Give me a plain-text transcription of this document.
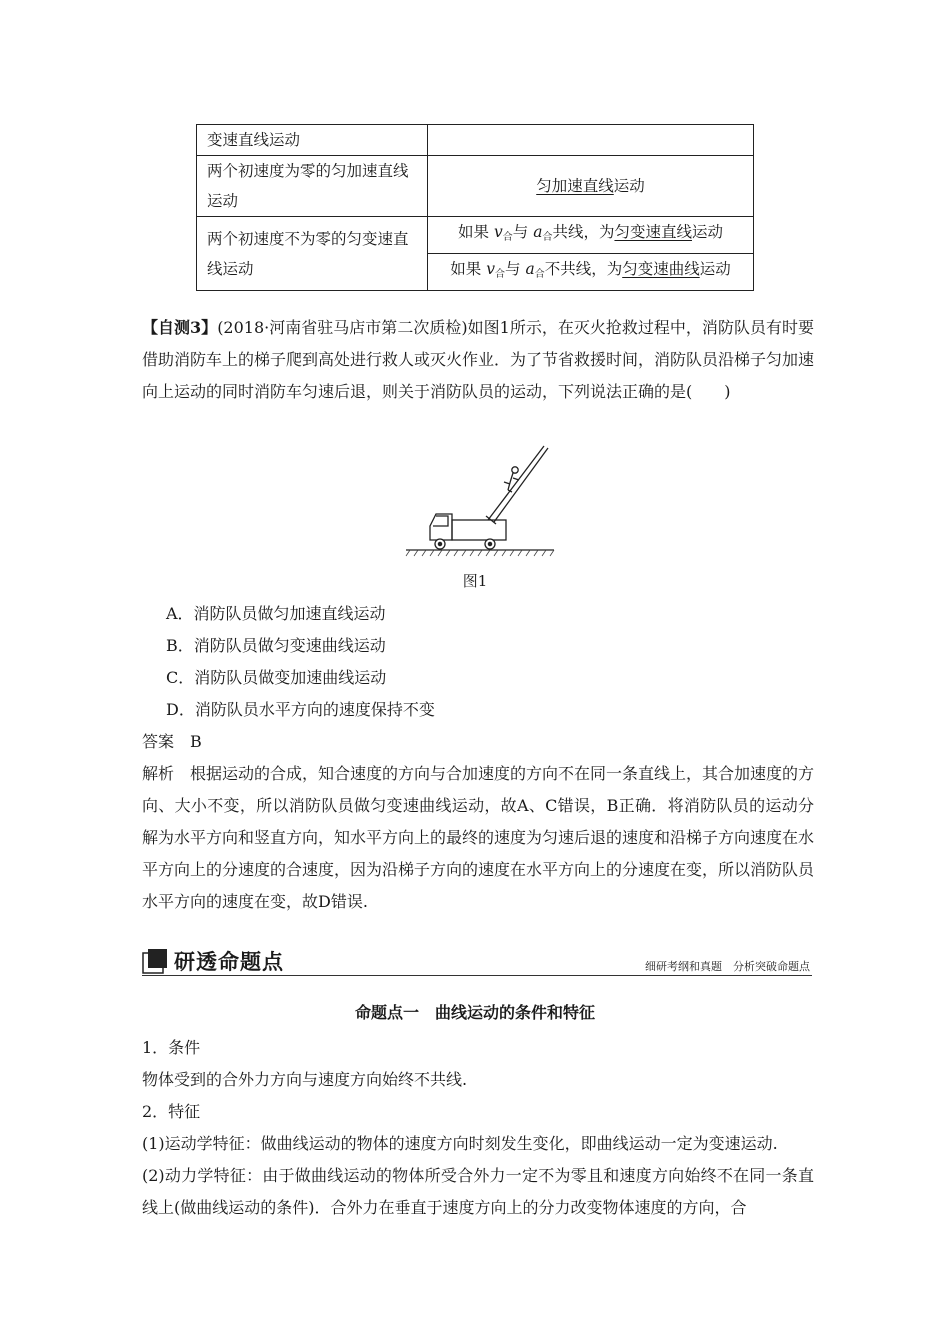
变速直线运动	
两个初速度为零的匀加速直线运动	匀加速直线运动
两个初速度不为零的匀变速直线运动	如果 $v_合$与 $a_合$共线，为匀变速直线运动
	如果 $v_合$与 $a_合$不共线，为匀变速曲线运动
【自测3】(2018·河南省驻马店市第二次质检)如图1所示，在灭火抢救过程中，消防队员有时要借助消防车上的梯子爬到高处进行救人或灭火作业．为了节省救援时间，消防队员沿梯子匀加速向上运动的同时消防车匀速后退，则关于消防队员的运动，下列说法正确的是(　　)
图1
A．消防队员做匀加速直线运动
B．消防队员做匀变速曲线运动
C．消防队员做变加速曲线运动
D．消防队员水平方向的速度保持不变
答案　B
解析　根据运动的合成，知合速度的方向与合加速度的方向不在同一条直线上，其合加速度的方向、大小不变，所以消防队员做匀变速曲线运动，故A、C错误，B正确．将消防队员的运动分解为水平方向和竖直方向，知水平方向上的最终的速度为匀速后退的速度和沿梯子方向速度在水平方向上的分速度的合速度，因为沿梯子方向的速度在水平方向上的分速度在变，所以消防队员水平方向的速度在变，故D错误.
研透命题点	细研考纲和真题　分析突破命题点
命题点一　曲线运动的条件和特征
1．条件
物体受到的合外力方向与速度方向始终不共线.
2．特征
(1)运动学特征：做曲线运动的物体的速度方向时刻发生变化，即曲线运动一定为变速运动.
(2)动力学特征：由于做曲线运动的物体所受合外力一定不为零且和速度方向始终不在同一条直线上(做曲线运动的条件)．合外力在垂直于速度方向上的分力改变物体速度的方向，合
